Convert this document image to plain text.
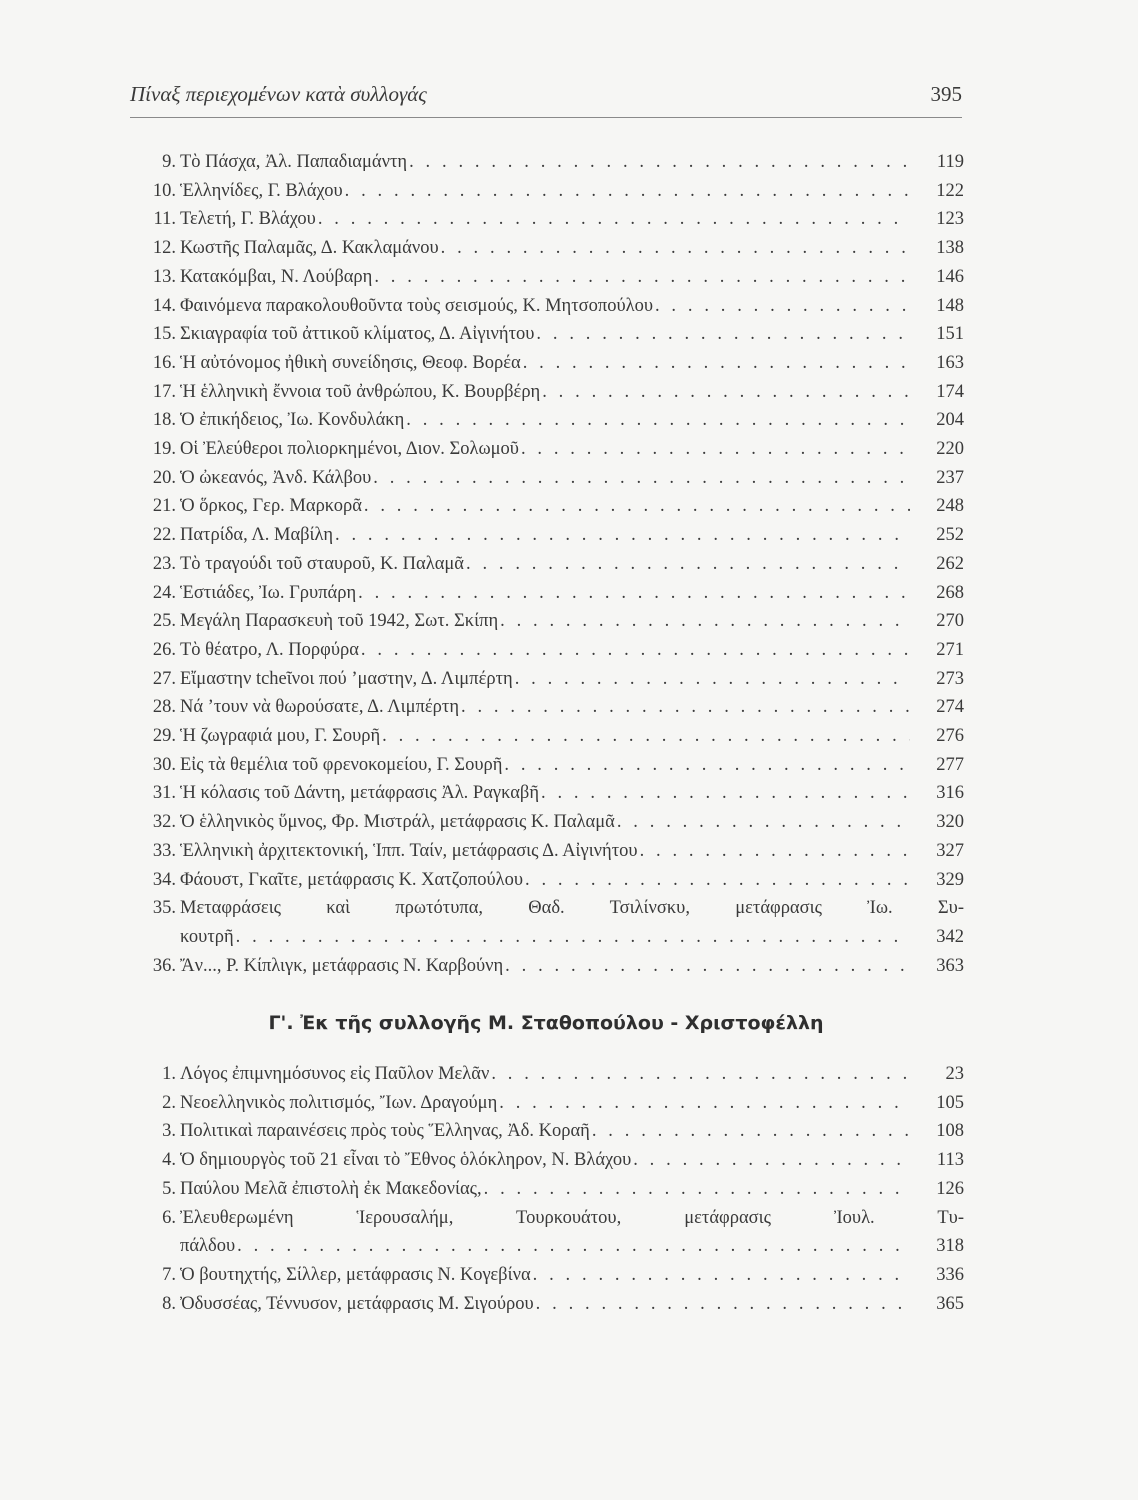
Πίναξ περιεχομένων κατὰ συλλογάς	395
9. Τὸ Πάσχα, Ἀλ. Παπαδιαμάντη . . .	119
10. Ἑλληνίδες, Γ. Βλάχου . . .	122
11. Τελετή, Γ. Βλάχου . . .	123
12. Κωστῆς Παλαμᾶς, Δ. Κακλαμάνου . . .	138
13. Κατακόμβαι, Ν. Λούβαρη . . .	146
14. Φαινόμενα παρακολουθοῦντα τοὺς σεισμούς, Κ. Μητσοπούλου . . .	148
15. Σκιαγραφία τοῦ ἀττικοῦ κλίματος, Δ. Αἰγινήτου . . .	151
16. Ἡ αὐτόνομος ἠθικὴ συνείδησις, Θεοφ. Βορέα . . .	163
17. Ἡ ἑλληνικὴ ἔννοια τοῦ ἀνθρώπου, Κ. Βουρβέρη . . .	174
18. Ὁ ἐπικήδειος, Ἰω. Κονδυλάκη . . .	204
19. Οἱ Ἐλεύθεροι πολιορκημένοι, Διον. Σολωμοῦ . . .	220
20. Ὁ ὠκεανός, Ἀνδ. Κάλβου . . .	237
21. Ὁ ὅρκος, Γερ. Μαρκορᾶ . . .	248
22. Πατρίδα, Λ. Μαβίλη . . .	252
23. Τὸ τραγούδι τοῦ σταυροῦ, Κ. Παλαμᾶ . . .	262
24. Ἑστιάδες, Ἰω. Γρυπάρη . . .	268
25. Μεγάλη Παρασκευὴ τοῦ 1942, Σωτ. Σκίπη . . .	270
26. Τὸ θέατρο, Λ. Πορφύρα . . .	271
27. Εἴμαστην tcheῖνοι πού ’μαστην, Δ. Λιμπέρτη . . .	273
28. Νά ’τουν νὰ θωρούσατε, Δ. Λιμπέρτη . . .	274
29. Ἡ ζωγραφιά μου, Γ. Σουρῆ . . .	276
30. Εἰς τὰ θεμέλια τοῦ φρενοκομείου, Γ. Σουρῆ . . .	277
31. Ἡ κόλασις τοῦ Δάντη, μετάφρασις Ἀλ. Ραγκαβῆ . . .	316
32. Ὁ ἑλληνικὸς ὕμνος, Φρ. Μιστράλ, μετάφρασις Κ. Παλαμᾶ . . .	320
33. Ἑλληνικὴ ἀρχιτεκτονική, Ἱππ. Ταίν, μετάφρασις Δ. Αἰγινήτου . . .	327
34. Φάουστ, Γκαῖτε, μετάφρασις Κ. Χατζοπούλου . . .	329
35. Μεταφράσεις καὶ πρωτότυπα, Θαδ. Τσιλίνσκυ, μετάφρασις Ἰω. Συ-
κουτρῆ . . .	342
36. Ἄν..., Ρ. Κίπλιγκ, μετάφρασις Ν. Καρβούνη . . .	363
Γ'. Ἐκ τῆς συλλογῆς Μ. Σταθοπούλου - Χριστοφέλλη
1. Λόγος ἐπιμνημόσυνος εἰς Παῦλον Μελᾶν . . .	23
2. Νεοελληνικὸς πολιτισμός, Ἴων. Δραγούμη . . .	105
3. Πολιτικαὶ παραινέσεις πρὸς τοὺς Ἕλληνας, Ἀδ. Κοραῆ . . .	108
4. Ὁ δημιουργὸς τοῦ 21 εἶναι τὸ Ἔθνος ὁλόκληρον, Ν. Βλάχου . . .	113
5. Παύλου Μελᾶ ἐπιστολὴ ἐκ Μακεδονίας, . . .	126
6. Ἐλευθερωμένη Ἱερουσαλήμ, Τουρκουάτου, μετάφρασις Ἰουλ. Τυ-
πάλδου . . .	318
7. Ὁ βουτηχτής, Σίλλερ, μετάφρασις Ν. Κογεβίνα . . .	336
8. Ὀδυσσέας, Τέννυσον, μετάφρασις Μ. Σιγούρου . . .	365
